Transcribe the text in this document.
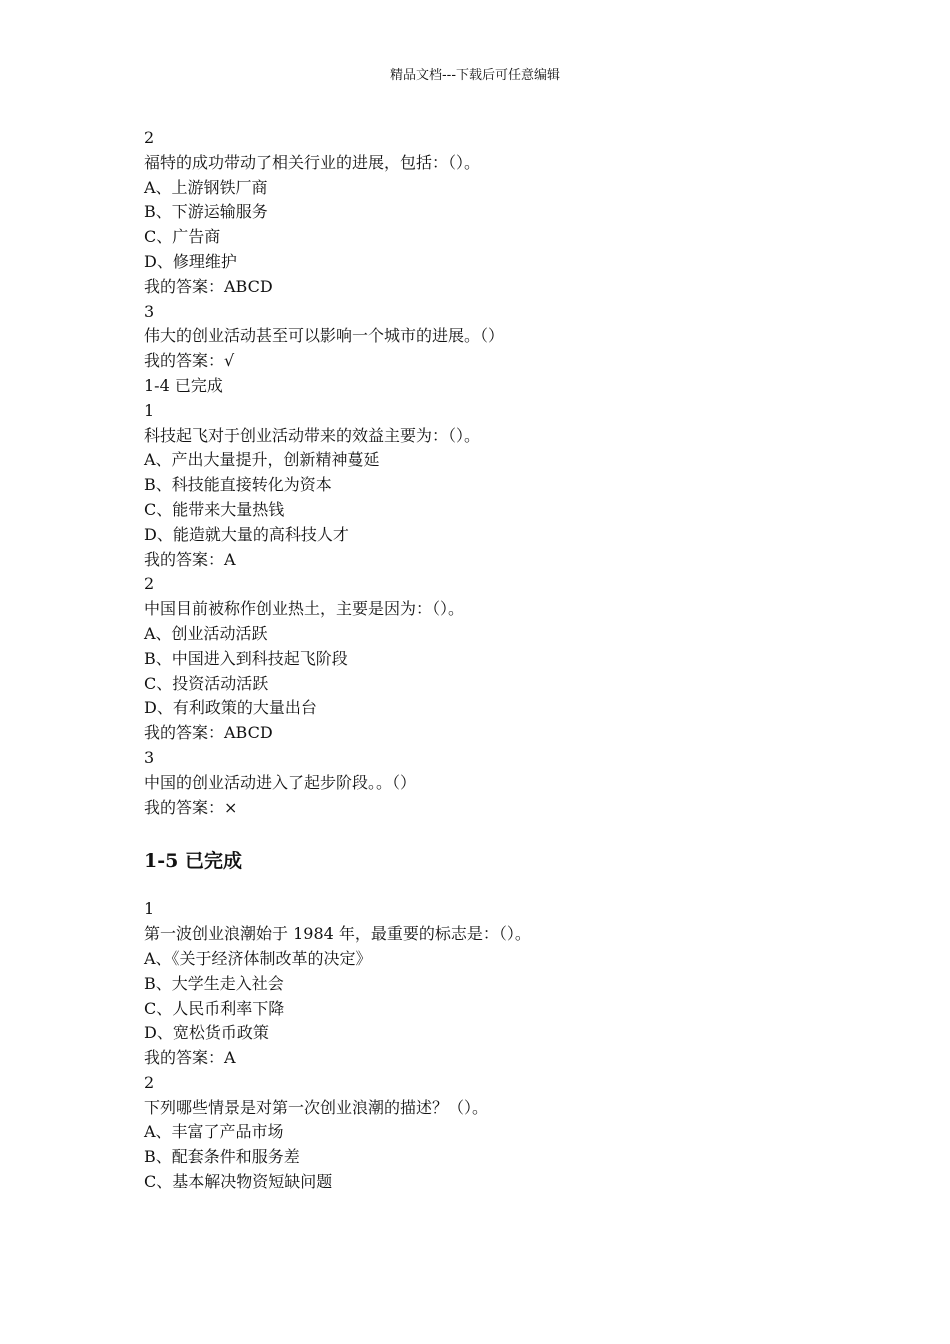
精品文档---下载后可任意编辑
2
福特的成功带动了相关行业的进展，包括：（）。
A、上游钢铁厂商
B、下游运输服务
C、广告商
D、修理维护
我的答案：ABCD
3
伟大的创业活动甚至可以影响一个城市的进展。（）
我的答案：√
1-4 已完成
1
科技起飞对于创业活动带来的效益主要为：（）。
A、产出大量提升，创新精神蔓延
B、科技能直接转化为资本
C、能带来大量热钱
D、能造就大量的高科技人才
我的答案：A
2
中国目前被称作创业热土，主要是因为：（）。
A、创业活动活跃
B、中国进入到科技起飞阶段
C、投资活动活跃
D、有利政策的大量出台
我的答案：ABCD
3
中国的创业活动进入了起步阶段。。（）
我的答案：×
1-5 已完成
1
第一波创业浪潮始于 1984 年，最重要的标志是：（）。
A、《关于经济体制改革的决定》
B、大学生走入社会
C、人民币利率下降
D、宽松货币政策
我的答案：A
2
下列哪些情景是对第一次创业浪潮的描述？（）。
A、丰富了产品市场
B、配套条件和服务差
C、基本解决物资短缺问题
